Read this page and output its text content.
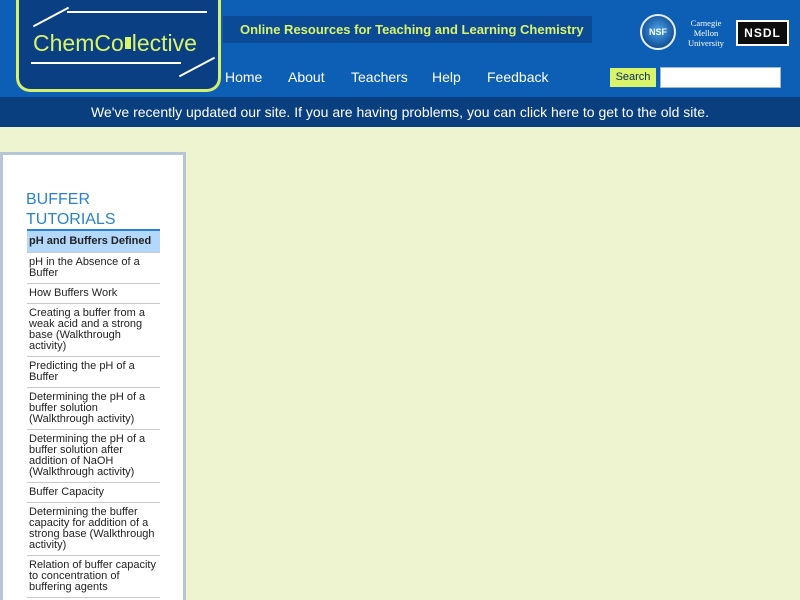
ChemCo lective
Online Resources for Teaching and Learning Chemistry	NSF
Carnegie
Mellon
University
NSDL
Home About Teachers Help Feedback	Search
We've recently updated our site. If you are having problems, you can click here to get to the old site.
BUFFER TUTORIALS
pH and Buffers Defined
pH in the Absence of a Buffer
How Buffers Work
Creating a buffer from a weak acid and a strong base (Walkthrough activity)
Predicting the pH of a Buffer
Determining the pH of a buffer solution (Walkthrough activity)
Determining the pH of a buffer solution after addition of NaOH (Walkthrough activity)
Buffer Capacity
Determining the buffer capacity for addition of a strong base (Walkthrough activity)
Relation of buffer capacity to concentration of buffering agents
